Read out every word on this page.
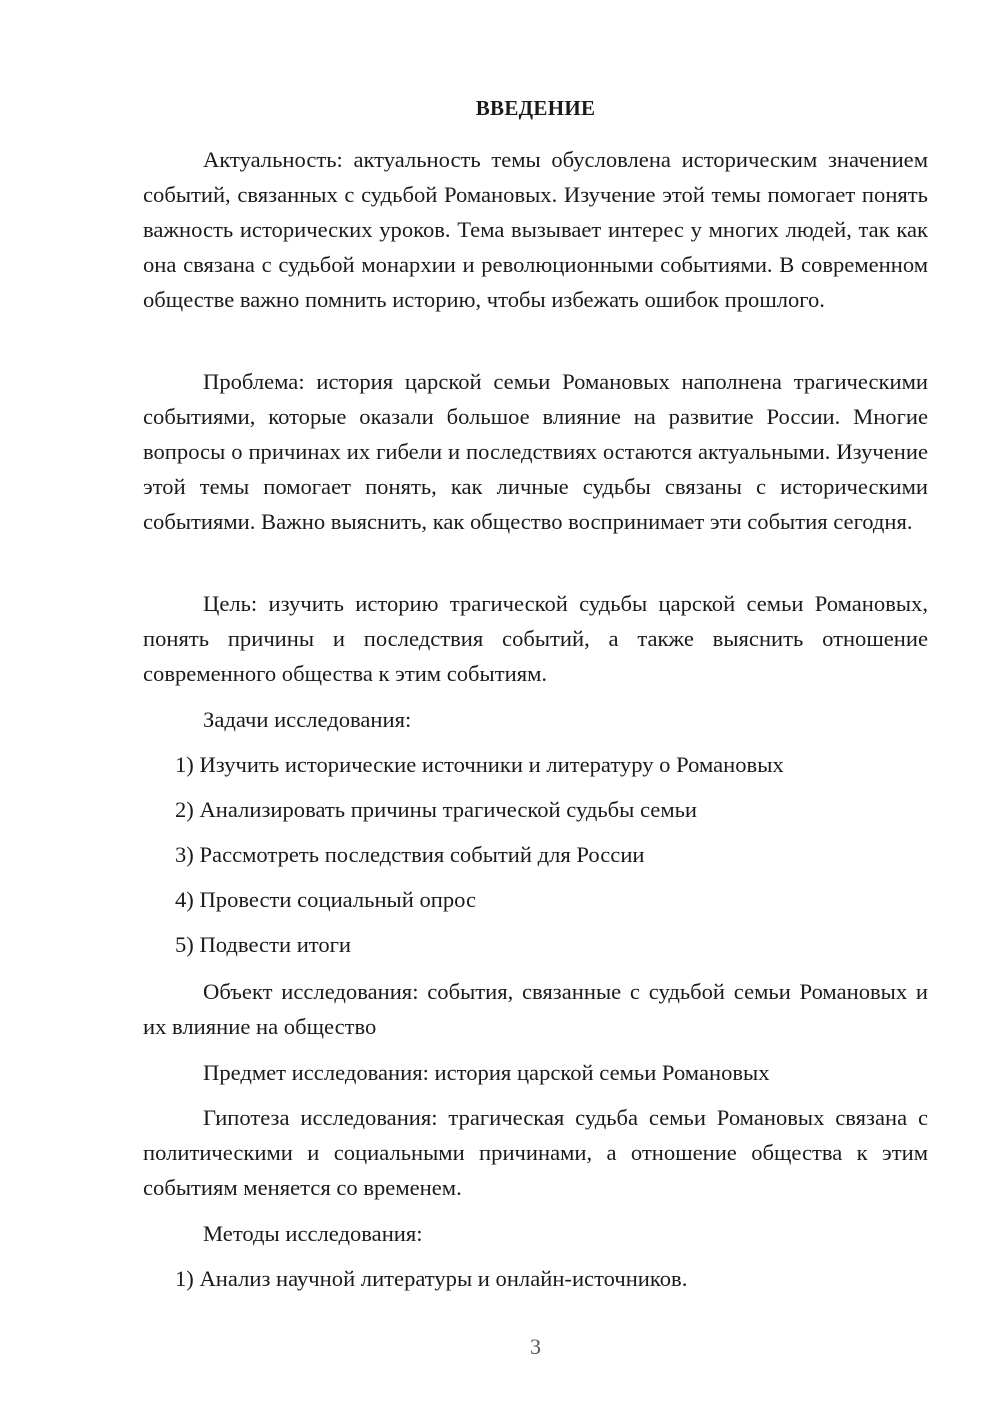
ВВЕДЕНИЕ

Актуальность: актуальность темы обусловлена историческим значением событий, связанных с судьбой Романовых. Изучение этой темы помогает понять важность исторических уроков. Тема вызывает интерес у многих людей, так как она связана с судьбой монархии и революционными событиями. В современном обществе важно помнить историю, чтобы избежать ошибок прошлого.

Проблема: история царской семьи Романовых наполнена трагическими событиями, которые оказали большое влияние на развитие России. Многие вопросы о причинах их гибели и последствиях остаются актуальными. Изучение этой темы помогает понять, как личные судьбы связаны с историческими событиями. Важно выяснить, как общество воспринимает эти события сегодня.

Цель: изучить историю трагической судьбы царской семьи Романовых, понять причины и последствия событий, а также выяснить отношение современного общества к этим событиям.

Задачи исследования:

1) Изучить исторические источники и литературу о Романовых

2) Анализировать причины трагической судьбы семьи

3) Рассмотреть последствия событий для России

4) Провести социальный опрос

5) Подвести итоги

Объект исследования: события, связанные с судьбой семьи Романовых и их влияние на общество

Предмет исследования: история царской семьи Романовых

Гипотеза исследования: трагическая судьба семьи Романовых связана с политическими и социальными причинами, а отношение общества к этим событиям меняется со временем.

Методы исследования:

1) Анализ научной литературы и онлайн-источников.

3
